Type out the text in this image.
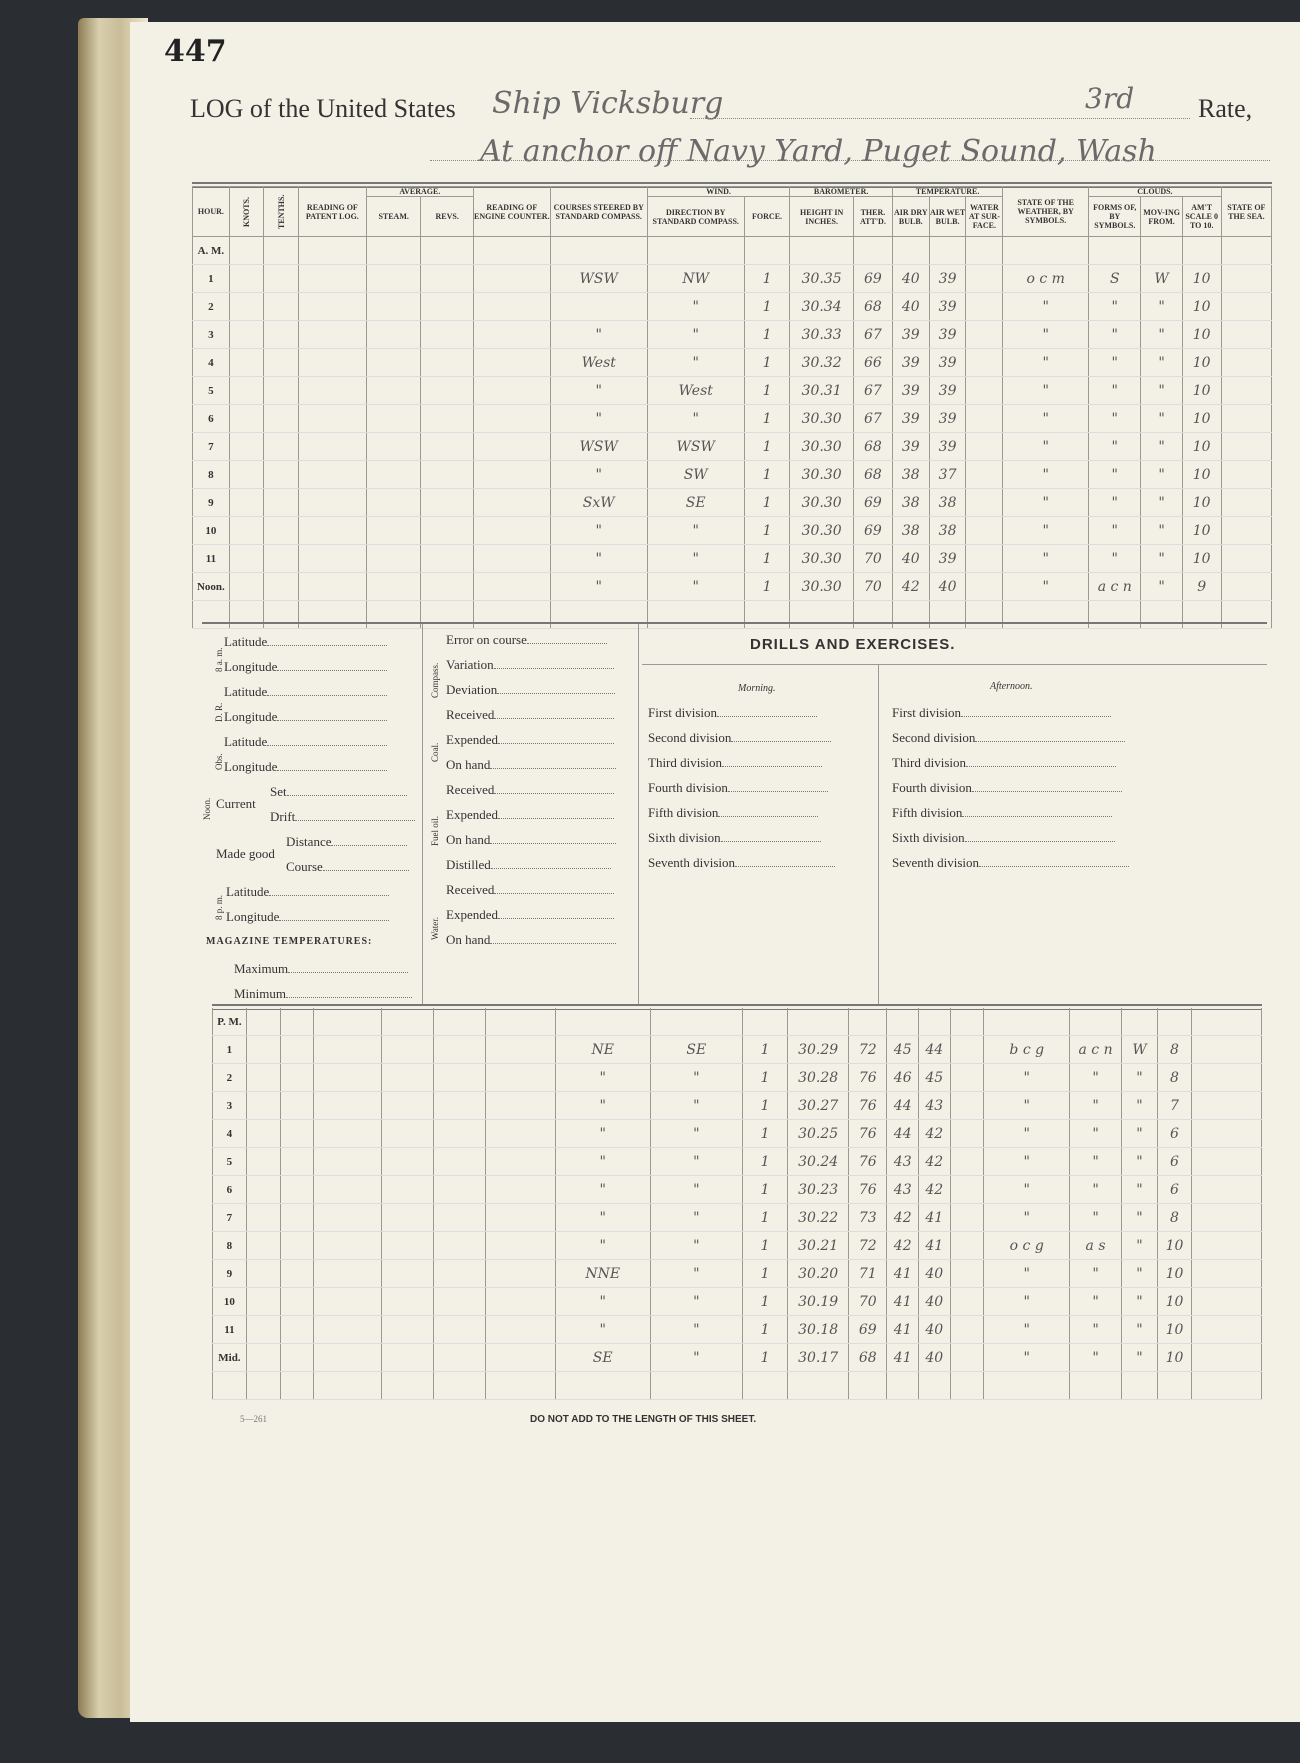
447
LOG of the United States Ship Vicksburg	3rd Rate,
At anchor off Navy Yard, Puget Sound, Wash
HOUR.	KNOTS.	TENTHS.	READING OF PATENT LOG.	AVERAGE.		READING OF ENGINE COUNTER.	COURSES STEERED BY STANDARD COMPASS.	WIND.		BAROMETER.		TEMPERATURE.			STATE OF THE WEATHER, BY SYMBOLS.	CLOUDS.			STATE OF THE SEA.
				STEAM.	REVS.			DIRECTION BY STANDARD COMPASS.	FORCE.	HEIGHT IN INCHES.	THER. ATT'D.	AIR DRY BULB.	AIR WET BULB.	WATER AT SUR-FACE.		FORMS OF, BY SYMBOLS.	MOV-ING FROM.	AM'T SCALE 0 TO 10.	
A. M.																			
1							WSW	NW	1	30.35	69	40	39		o c m	S	W	10	
2								"	1	30.34	68	40	39		"	"	"	10	
3							"	"	1	30.33	67	39	39		"	"	"	10	
4							West	"	1	30.32	66	39	39		"	"	"	10	
5							"	West	1	30.31	67	39	39		"	"	"	10	
6							"	"	1	30.30	67	39	39		"	"	"	10	
7							WSW	WSW	1	30.30	68	39	39		"	"	"	10	
8							"	SW	1	30.30	68	38	37		"	"	"	10	
9							SxW	SE	1	30.30	69	38	38		"	"	"	10	
10							"	"	1	30.30	69	38	38		"	"	"	10	
11							"	"	1	30.30	70	40	39		"	"	"	10	
Noon.							"	"	1	30.30	70	42	40		"	a c n	"	9	

8 a. m.
Latitude
Longitude
D. R.
Latitude
Longitude
Obs.
Latitude
Longitude
Noon. Current
Set
Drift
Made good
Distance
Course
8 p. m.
Latitude
Longitude
MAGAZINE TEMPERATURES:
Maximum
Minimum
Compass.
Error on course
Variation
Deviation
Coal.
Received
Expended
On hand
Fuel oil.
Received
Expended
On hand
Water.
Distilled
Received
Expended
On hand
Morning.
First division
Second division
Third division
Fourth division
Fifth division
Sixth division
Seventh division
Afternoon.
First division
Second division
Third division
Fourth division
Fifth division
Sixth division
Seventh division
DRILLS AND EXERCISES.
P. M.																			
1							NE	SE	1	30.29	72	45	44		b c g	a c n	W	8	
2							"	"	1	30.28	76	46	45		"	"	"	8	
3							"	"	1	30.27	76	44	43		"	"	"	7	
4							"	"	1	30.25	76	44	42		"	"	"	6	
5							"	"	1	30.24	76	43	42		"	"	"	6	
6							"	"	1	30.23	76	43	42		"	"	"	6	
7							"	"	1	30.22	73	42	41		"	"	"	8	
8							"	"	1	30.21	72	42	41		o c g	a s	"	10	
9							NNE	"	1	30.20	71	41	40		"	"	"	10	
10							"	"	1	30.19	70	41	40		"	"	"	10	
11							"	"	1	30.18	69	41	40		"	"	"	10	
Mid.							SE	"	1	30.17	68	41	40		"	"	"	10	

DO NOT ADD TO THE LENGTH OF THIS SHEET.
5—261
